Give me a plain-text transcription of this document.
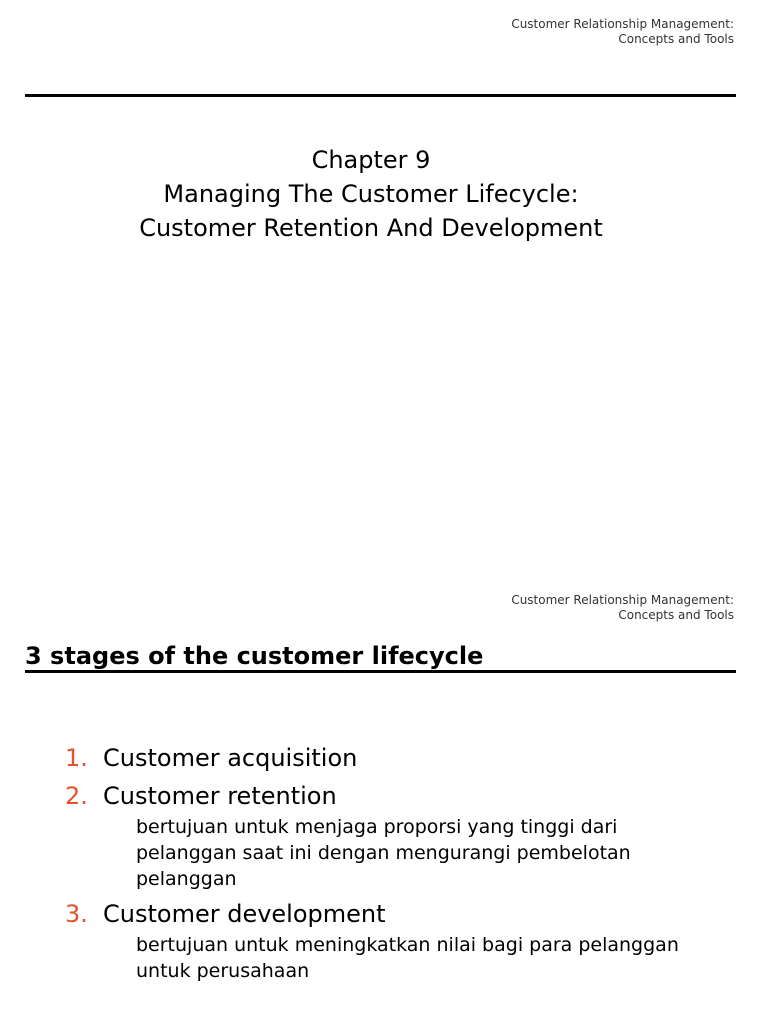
Customer Relationship Management:
Concepts and Tools
Chapter 9
Managing The Customer Lifecycle:
Customer Retention And Development
Customer Relationship Management:
Concepts and Tools
3 stages of the customer lifecycle
1. Customer acquisition
2. Customer retention
bertujuan untuk menjaga proporsi yang tinggi dari pelanggan saat ini dengan mengurangi pembelotan pelanggan
3. Customer development
bertujuan untuk meningkatkan nilai bagi para pelanggan untuk perusahaan
